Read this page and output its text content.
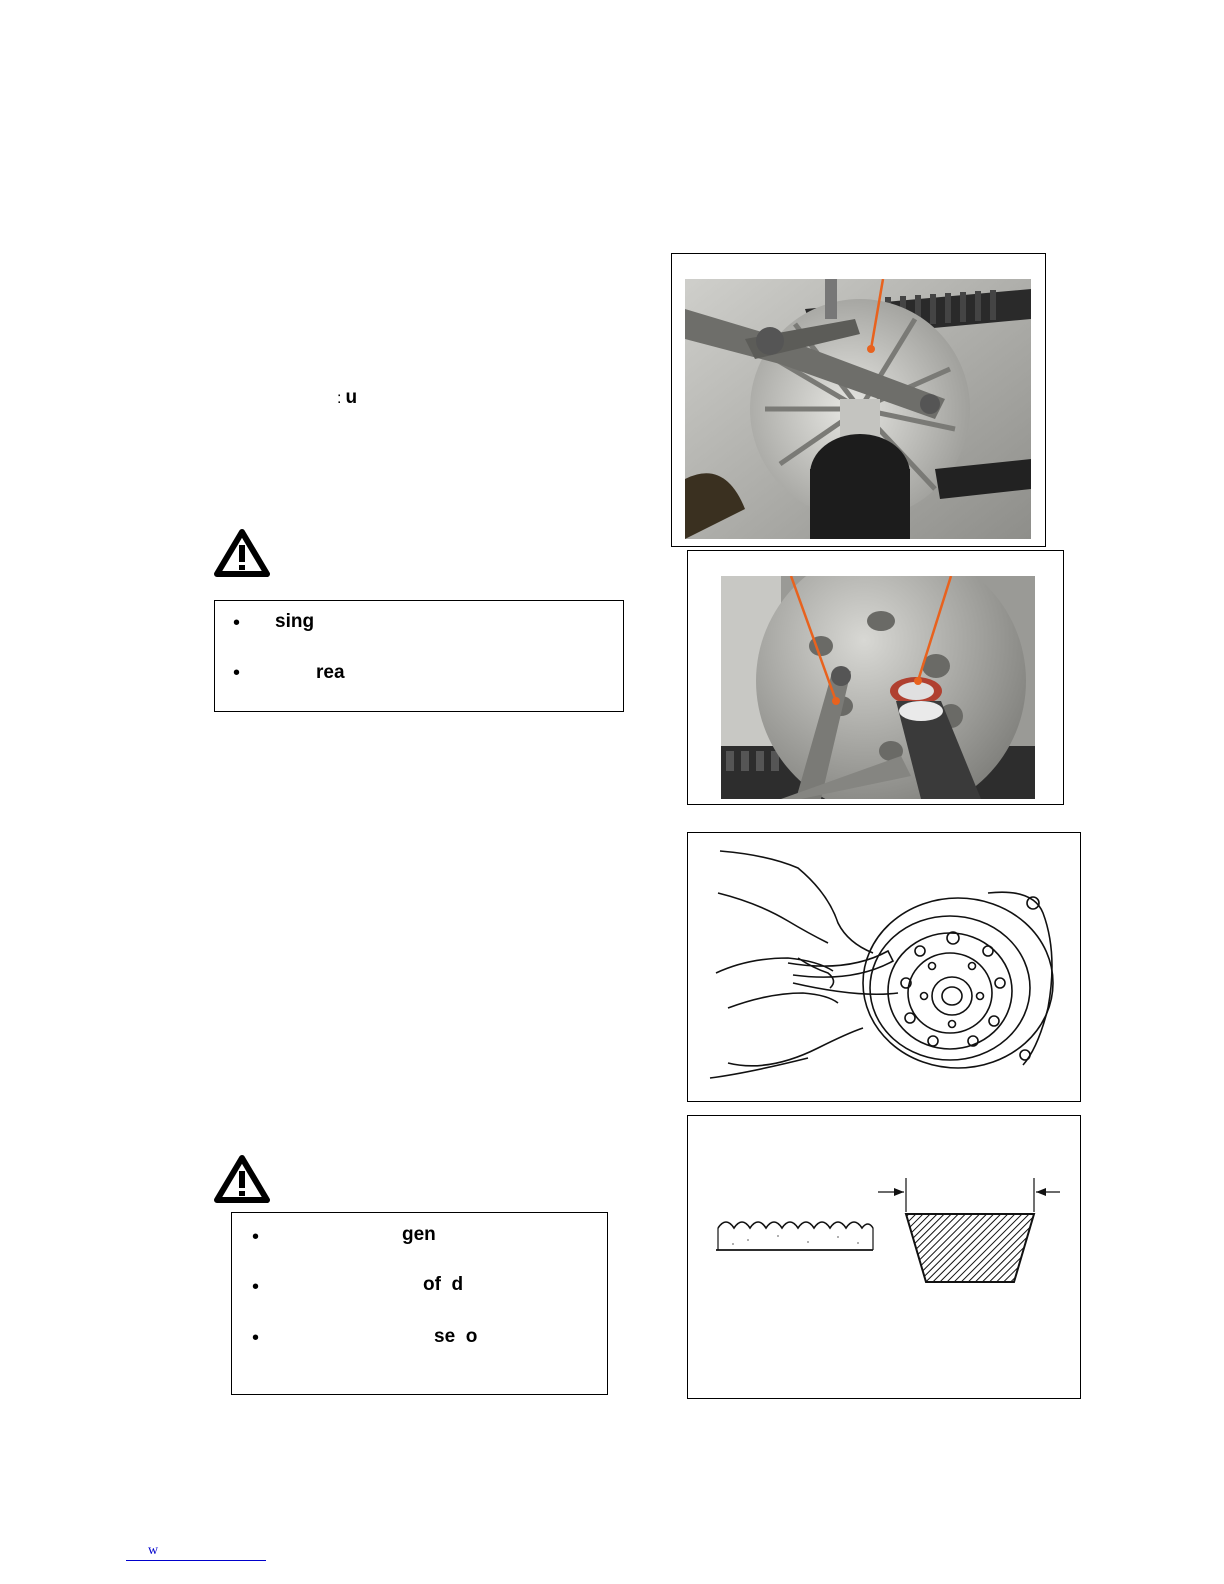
: u
• sing
•	rea
•	gen
•	of  d
•	se  o
w
